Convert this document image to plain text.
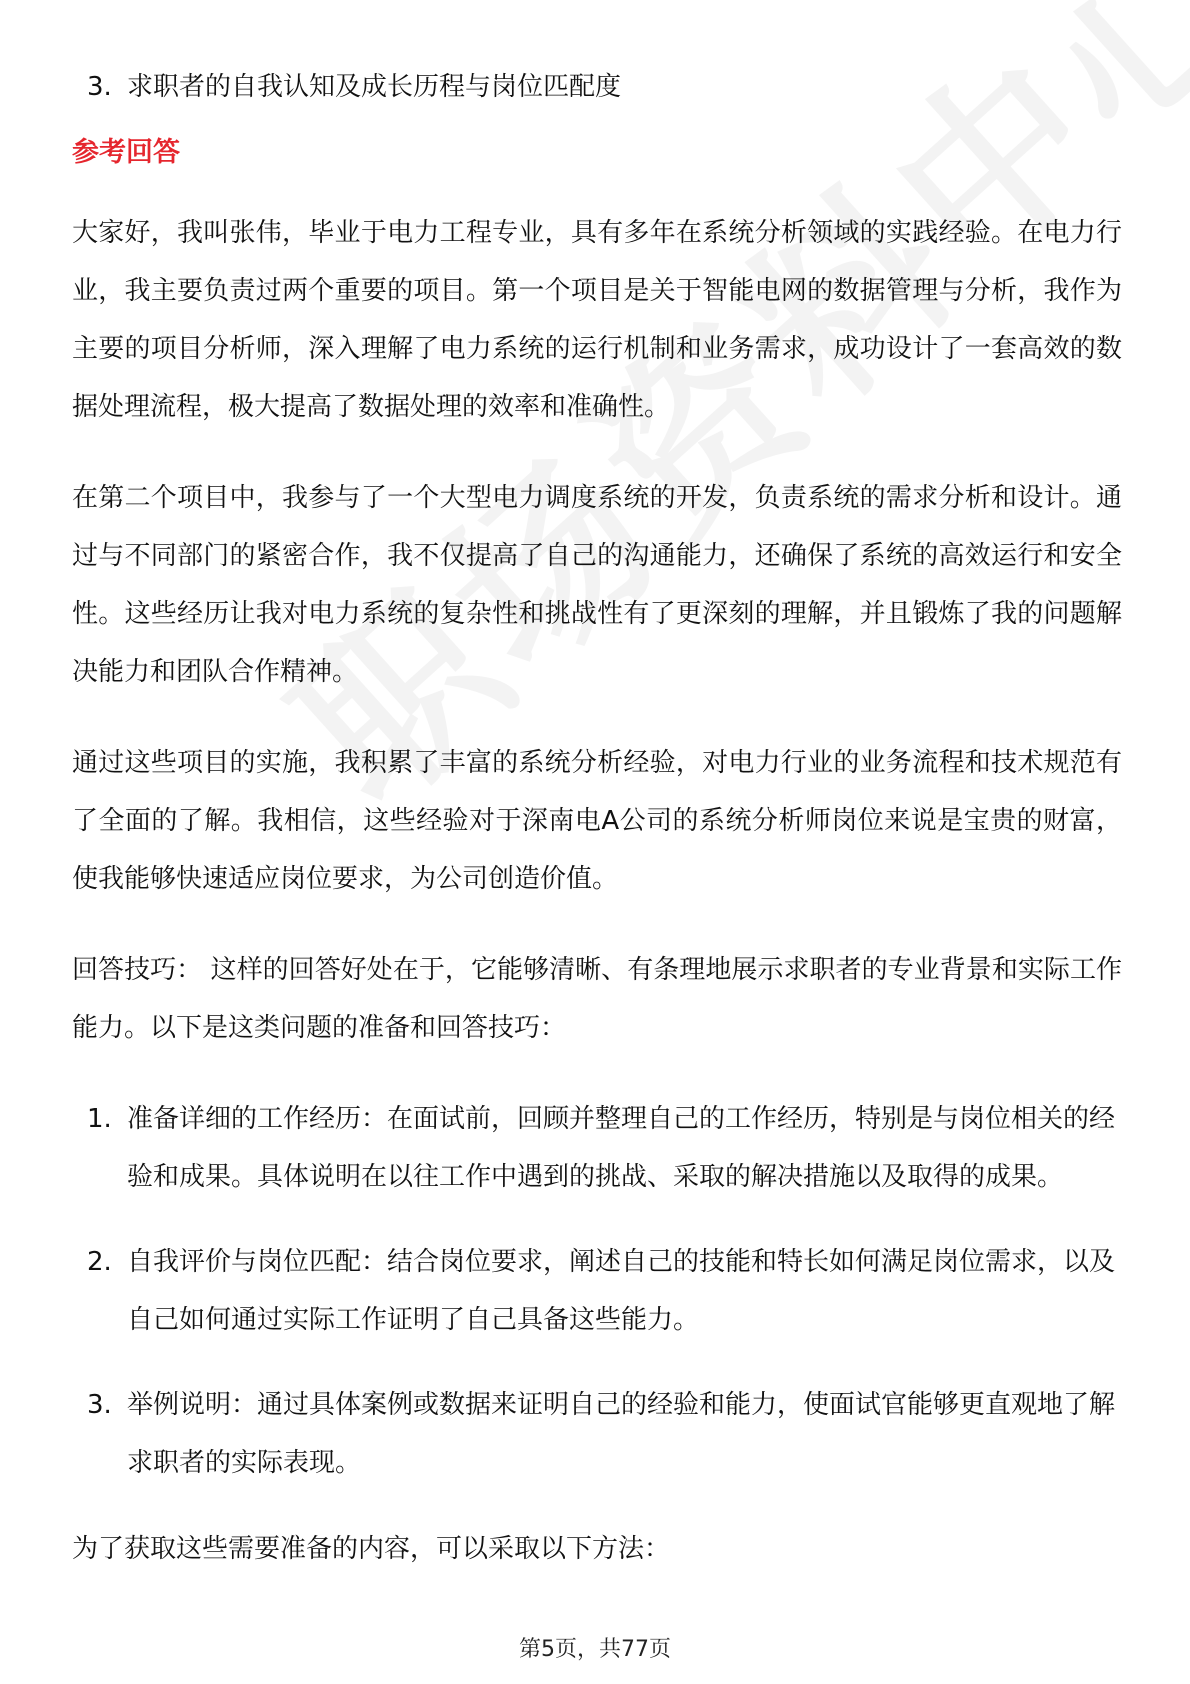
3. 求职者的自我认知及成长历程与岗位匹配度
参考回答

大家好，我叫张伟，毕业于电力工程专业，具有多年在系统分析领域的实践经验。在电力行业，我主要负责过两个重要的项目。第一个项目是关于智能电网的数据管理与分析，我作为主要的项目分析师，深入理解了电力系统的运行机制和业务需求，成功设计了一套高效的数据处理流程，极大提高了数据处理的效率和准确性。

在第二个项目中，我参与了一个大型电力调度系统的开发，负责系统的需求分析和设计。通过与不同部门的紧密合作，我不仅提高了自己的沟通能力，还确保了系统的高效运行和安全性。这些经历让我对电力系统的复杂性和挑战性有了更深刻的理解，并且锻炼了我的问题解决能力和团队合作精神。

通过这些项目的实施，我积累了丰富的系统分析经验，对电力行业的业务流程和技术规范有了全面的了解。我相信，这些经验对于深南电A公司的系统分析师岗位来说是宝贵的财富，使我能够快速适应岗位要求，为公司创造价值。

回答技巧： 这样的回答好处在于，它能够清晰、有条理地展示求职者的专业背景和实际工作能力。以下是这类问题的准备和回答技巧：

1. 准备详细的工作经历：在面试前，回顾并整理自己的工作经历，特别是与岗位相关的经验和成果。具体说明在以往工作中遇到的挑战、采取的解决措施以及取得的成果。
2. 自我评价与岗位匹配：结合岗位要求，阐述自己的技能和特长如何满足岗位需求，以及自己如何通过实际工作证明了自己具备这些能力。
3. 举例说明：通过具体案例或数据来证明自己的经验和能力，使面试官能够更直观地了解求职者的实际表现。

为了获取这些需要准备的内容，可以采取以下方法：

第5页，共77页
